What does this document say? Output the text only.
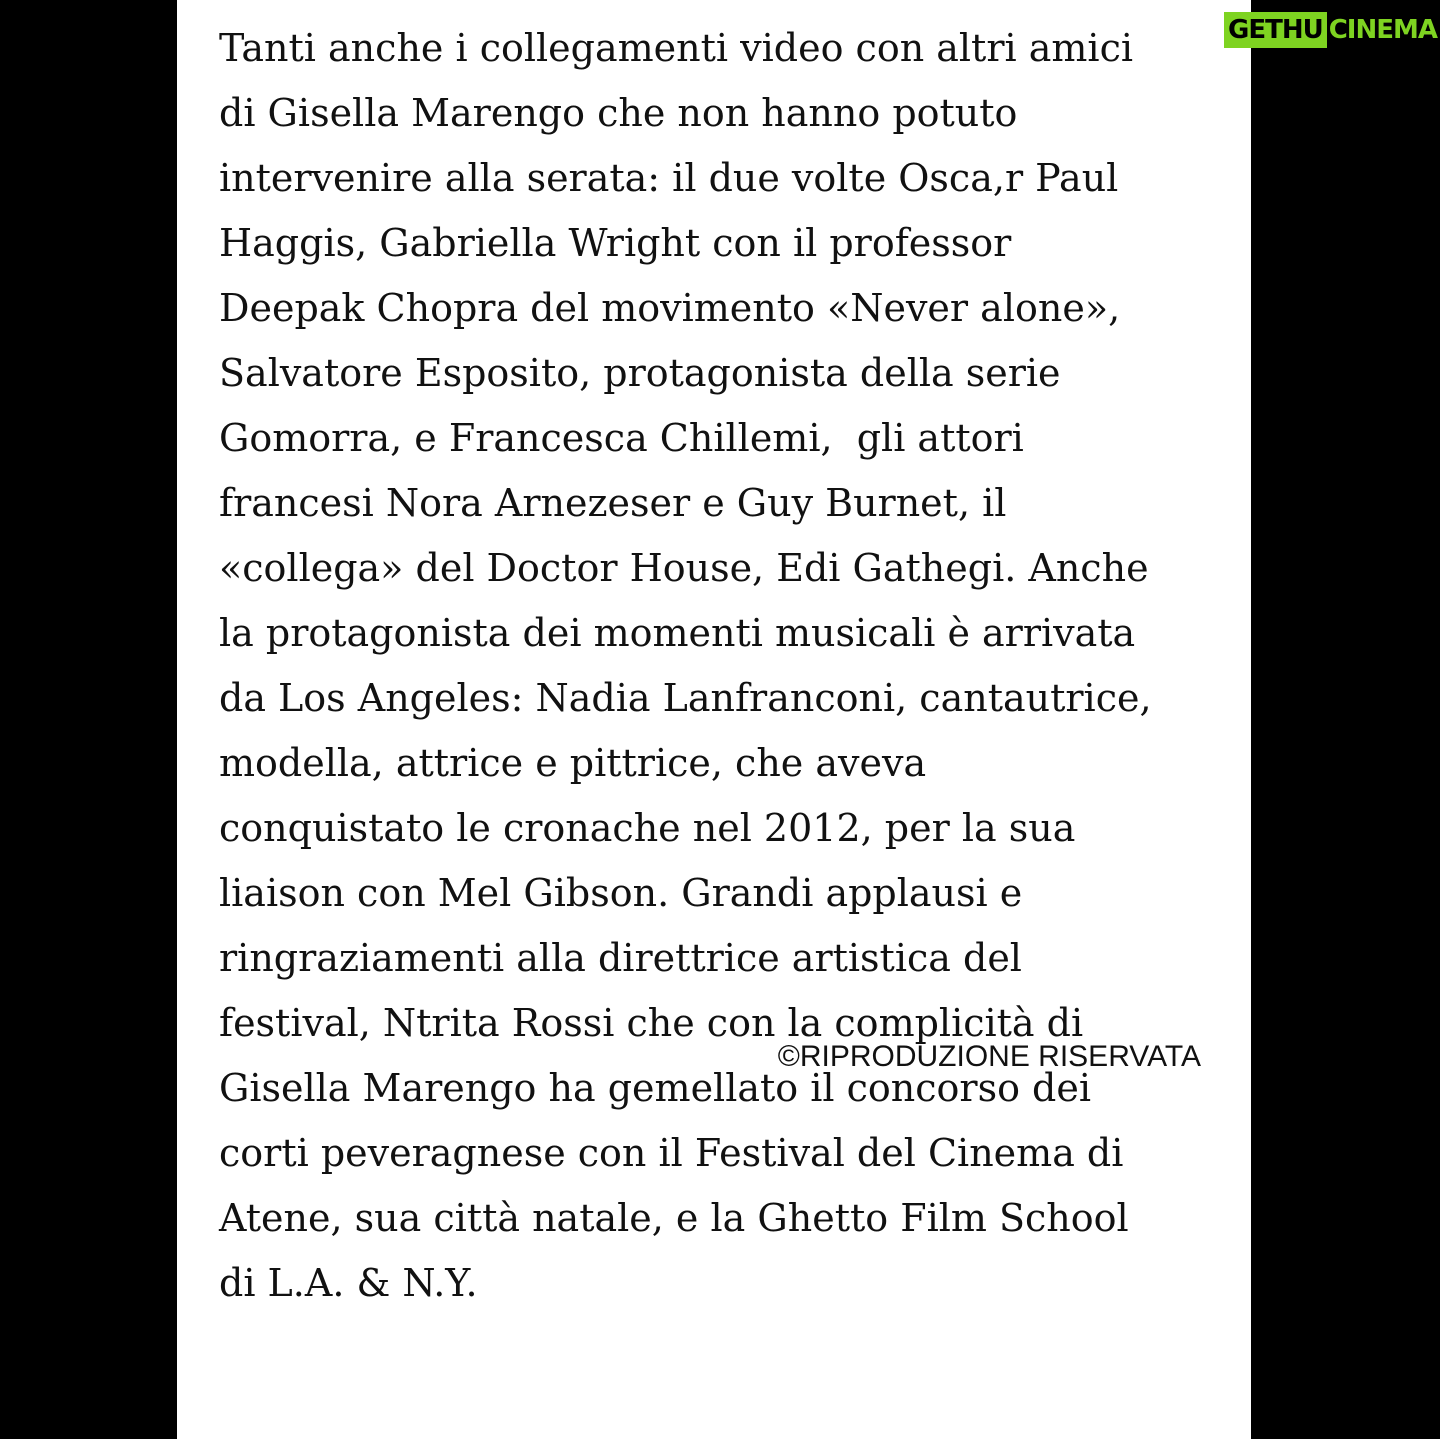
Tanti anche i collegamenti video con altri amici
di Gisella Marengo che non hanno potuto
intervenire alla serata: il due volte Osca,r Paul
Haggis, Gabriella Wright con il professor
Deepak Chopra del movimento «Never alone»,
Salvatore Esposito, protagonista della serie
Gomorra, e Francesca Chillemi,  gli attori
francesi Nora Arnezeser e Guy Burnet, il
«collega» del Doctor House, Edi Gathegi. Anche
la protagonista dei momenti musicali è arrivata
da Los Angeles: Nadia Lanfranconi, cantautrice,
modella, attrice e pittrice, che aveva
conquistato le cronache nel 2012, per la sua
liaison con Mel Gibson. Grandi applausi e
ringraziamenti alla direttrice artistica del
festival, Ntrita Rossi che con la complicità di
Gisella Marengo ha gemellato il concorso dei
corti peveragnese con il Festival del Cinema di
Atene, sua città natale, e la Ghetto Film School
di L.A. & N.Y.

©RIPRODUZIONE RISERVATA
GETHU CINEMA
